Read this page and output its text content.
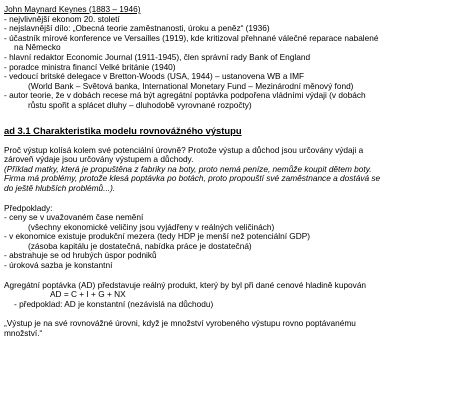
John Maynard Keynes (1883 – 1946)
- nejvlivnější ekonom 20. století
- nejslavnější dílo: „Obecná teorie zaměstnanosti, úroku a peněz“ (1936)
- účastník mírové konference ve Versailles (1919), kde kritizoval přehnané válečné reparace nabalené
na Německo
- hlavní redaktor Economic Journal (1911-1945), člen správní rady Bank of England
- poradce ministra financí Velké británie (1940)
- vedoucí britské delegace v Bretton-Woods (USA, 1944) – ustanovena WB a IMF
(World Bank – Světová banka, International Monetary Fund – Mezinárodní měnový fond)
- autor teorie, že v dobách recese má být agregátní poptávka podpořena vládními výdaji (v dobách
růstu spořit a splácet dluhy – dluhodobě vyrovnané rozpočty)
ad 3.1 Charakteristika modelu rovnovážného výstupu
Proč výstup kolísá kolem své potenciální úrovně? Protože výstup a důchod jsou určovány výdaji a
zároveň výdaje jsou určovány výstupem a důchody.
(Příklad matky, která je propuštěna z fabriky na boty, proto nemá peníze, nemůže koupit dětem boty.
Firma má problémy, protože klesá poptávka po botách, proto propouští své zaměstnance a dostává se
do ještě hlubších problémů...).
Předpoklady:
- ceny se v uvažovaném čase nemění
(všechny ekonomické veličiny jsou vyjádřeny v reálných veličinách)
- v ekonomice existuje produkční mezera (tedy HDP je menší než potenciální GDP)
(zásoba kapitálu je dostatečná, nabídka práce je dostatečná)
- abstrahuje se od hrubých úspor podniků
- úroková sazba je konstantní
Agregátní poptávka (AD) představuje reálný produkt, který by byl při dané cenové hladině kupován
AD = C + I + G + NX
- předpoklad: AD je konstantní (nezávislá na důchodu)
„Výstup je na své rovnovážné úrovni, když je množství vyrobeného výstupu rovno poptávanému
množství.“
